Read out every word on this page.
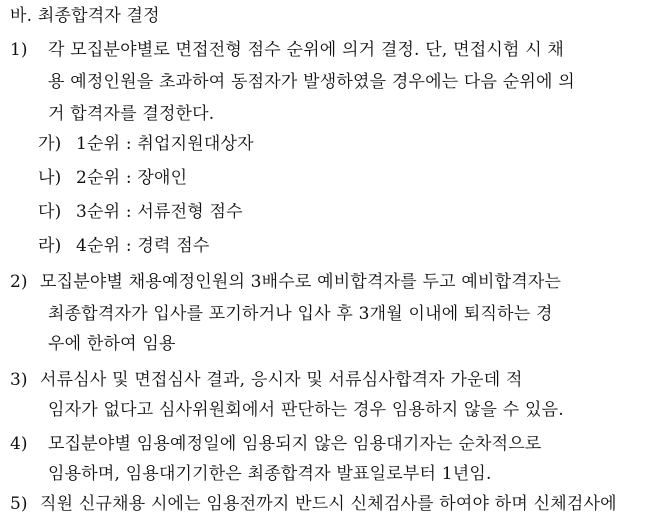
바. 최종합격자 결정
1) 각 모집분야별로 면접전형 점수 순위에 의거 결정. 단, 면접시험 시 채
용 예정인원을 초과하여 동점자가 발생하였을 경우에는 다음 순위에 의
거 합격자를 결정한다.
가) 1순위 : 취업지원대상자
나) 2순위 : 장애인
다) 3순위 : 서류전형 점수
라) 4순위 : 경력 점수
2) 모집분야별 채용예정인원의 3배수로 예비합격자를 두고 예비합격자는
최종합격자가 입사를 포기하거나 입사 후 3개월 이내에 퇴직하는 경
우에 한하여 임용
3) 서류심사 및 면접심사 결과, 응시자 및 서류심사합격자 가운데 적
임자가 없다고 심사위원회에서 판단하는 경우 임용하지 않을 수 있음.
4) 모집분야별 임용예정일에 임용되지 않은 임용대기자는 순차적으로
임용하며, 임용대기기한은 최종합격자 발표일로부터 1년임.
5) 직원 신규채용 시에는 임용전까지 반드시 신체검사를 하여야 하며 신체검사에
